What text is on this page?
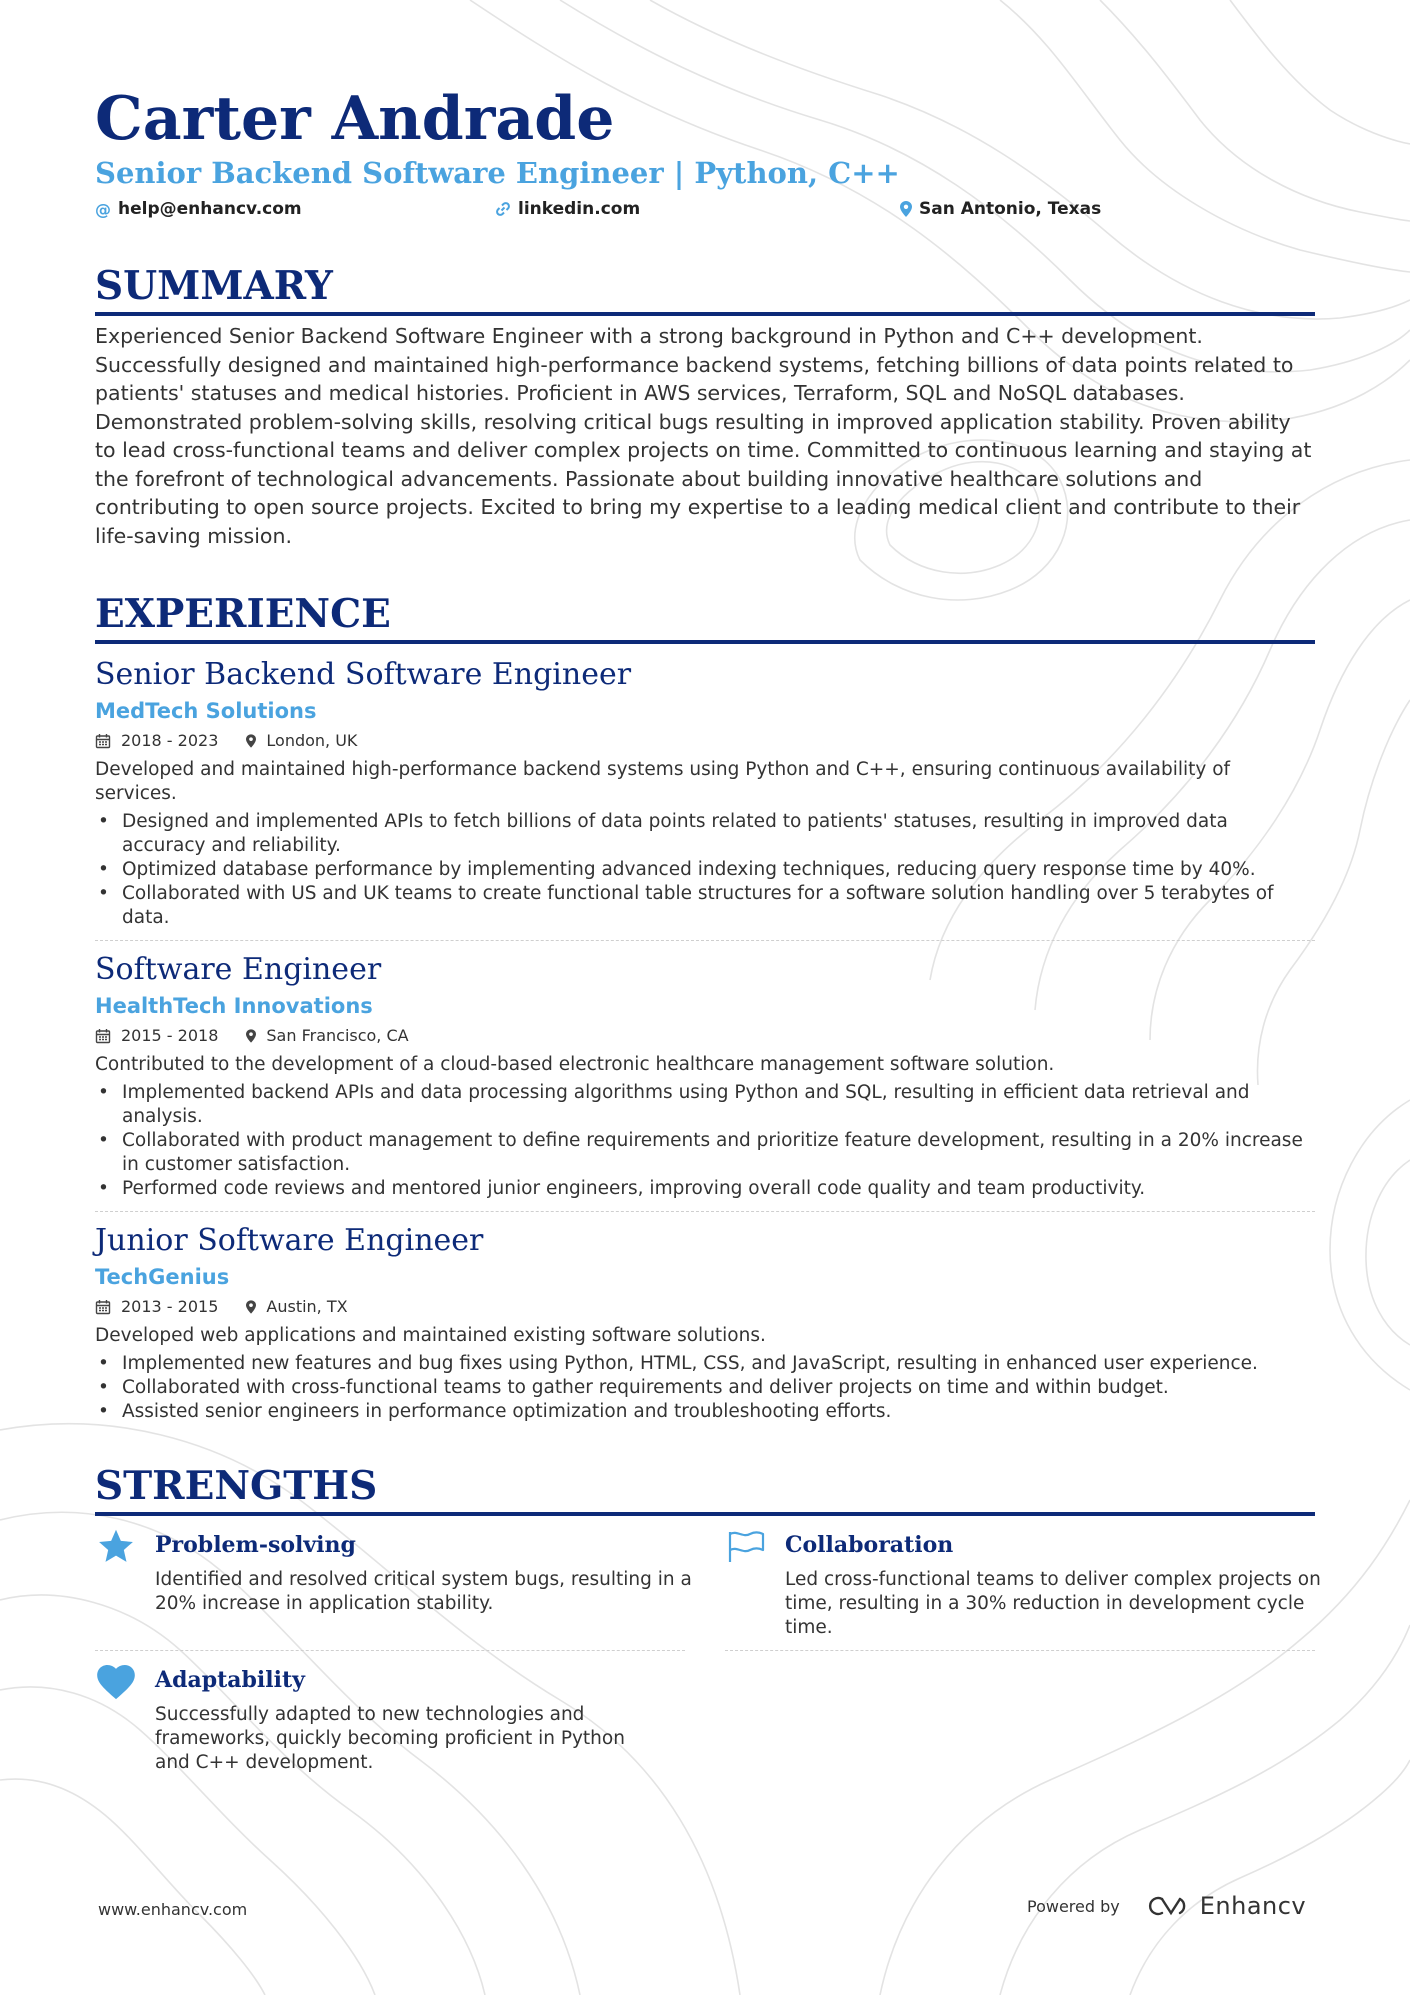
Carter Andrade
Senior Backend Software Engineer | Python, C++
@ help@enhancv.com	linkedin.com	San Antonio, Texas
SUMMARY
Experienced Senior Backend Software Engineer with a strong background in Python and C++ development. Successfully designed and maintained high-performance backend systems, fetching billions of data points related to patients' statuses and medical histories. Proficient in AWS services, Terraform, SQL and NoSQL databases. Demonstrated problem-solving skills, resolving critical bugs resulting in improved application stability. Proven ability to lead cross-functional teams and deliver complex projects on time. Committed to continuous learning and staying at the forefront of technological advancements. Passionate about building innovative healthcare solutions and contributing to open source projects. Excited to bring my expertise to a leading medical client and contribute to their life-saving mission.
EXPERIENCE
Senior Backend Software Engineer
MedTech Solutions
2018 - 2023	London, UK
Developed and maintained high-performance backend systems using Python and C++, ensuring continuous availability of services.
• Designed and implemented APIs to fetch billions of data points related to patients' statuses, resulting in improved data accuracy and reliability.
• Optimized database performance by implementing advanced indexing techniques, reducing query response time by 40%.
• Collaborated with US and UK teams to create functional table structures for a software solution handling over 5 terabytes of data.
Software Engineer
HealthTech Innovations
2015 - 2018	San Francisco, CA
Contributed to the development of a cloud-based electronic healthcare management software solution.
• Implemented backend APIs and data processing algorithms using Python and SQL, resulting in efficient data retrieval and analysis.
• Collaborated with product management to define requirements and prioritize feature development, resulting in a 20% increase in customer satisfaction.
• Performed code reviews and mentored junior engineers, improving overall code quality and team productivity.
Junior Software Engineer
TechGenius
2013 - 2015	Austin, TX
Developed web applications and maintained existing software solutions.
• Implemented new features and bug fixes using Python, HTML, CSS, and JavaScript, resulting in enhanced user experience.
• Collaborated with cross-functional teams to gather requirements and deliver projects on time and within budget.
• Assisted senior engineers in performance optimization and troubleshooting efforts.
STRENGTHS
Problem-solving
Identified and resolved critical system bugs, resulting in a 20% increase in application stability.
Collaboration
Led cross-functional teams to deliver complex projects on time, resulting in a 30% reduction in development cycle time.
Adaptability
Successfully adapted to new technologies and frameworks, quickly becoming proficient in Python and C++ development.
www.enhancv.com	Powered by	Enhancv
